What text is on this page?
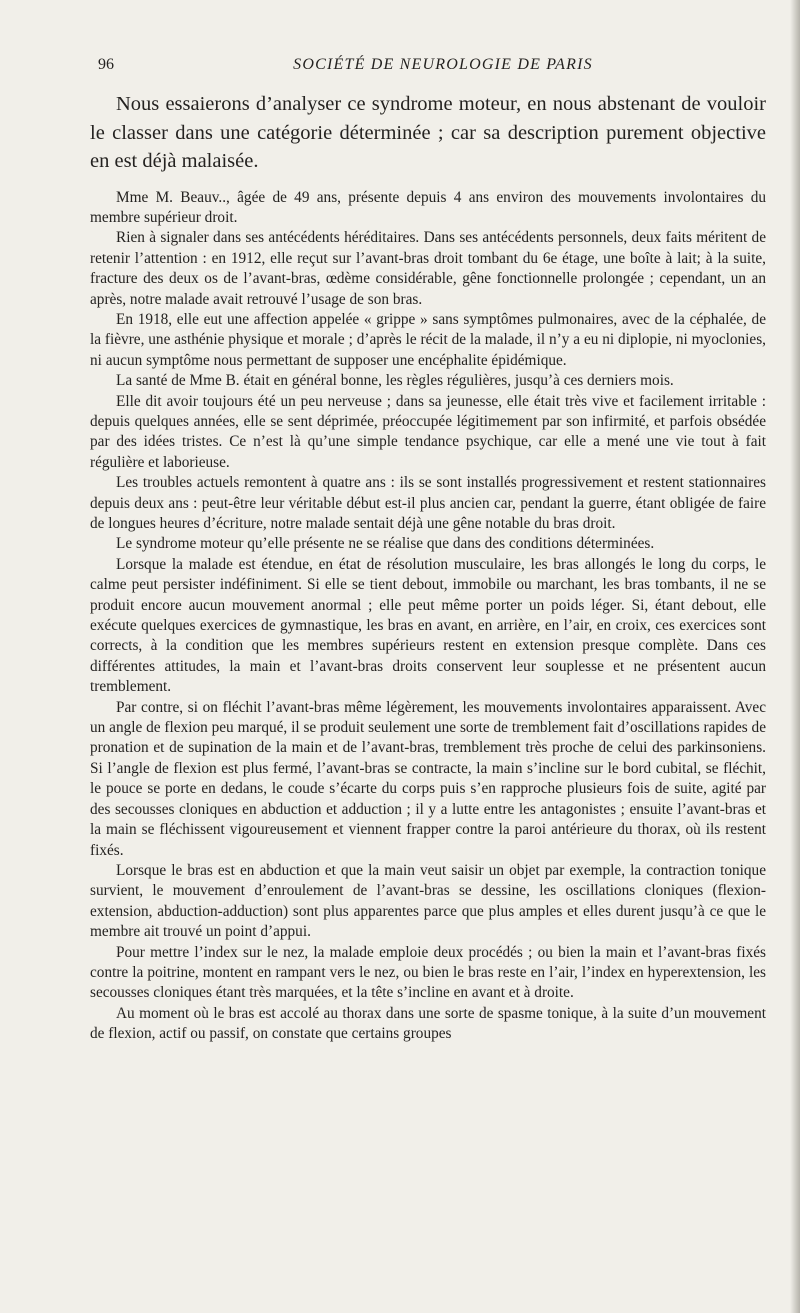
96	SOCIÉTÉ DE NEUROLOGIE DE PARIS

Nous essaierons d’analyser ce syndrome moteur, en nous abstenant de vouloir le classer dans une catégorie déterminée ; car sa description purement objective en est déjà malaisée.

Mme M. Beauv.., âgée de 49 ans, présente depuis 4 ans environ des mouvements involontaires du membre supérieur droit.

Rien à signaler dans ses antécédents héréditaires. Dans ses antécédents personnels, deux faits méritent de retenir l’attention : en 1912, elle reçut sur l’avant-bras droit tombant du 6e étage, une boîte à lait; à la suite, fracture des deux os de l’avant-bras, œdème considérable, gêne fonctionnelle prolongée ; cependant, un an après, notre malade avait retrouvé l’usage de son bras.

En 1918, elle eut une affection appelée « grippe » sans symptômes pulmonaires, avec de la céphalée, de la fièvre, une asthénie physique et morale ; d’après le récit de la malade, il n’y a eu ni diplopie, ni myoclonies, ni aucun symptôme nous permettant de supposer une encéphalite épidémique.

La santé de Mme B. était en général bonne, les règles régulières, jusqu’à ces derniers mois.

Elle dit avoir toujours été un peu nerveuse ; dans sa jeunesse, elle était très vive et facilement irritable : depuis quelques années, elle se sent déprimée, préoccupée légitimement par son infirmité, et parfois obsédée par des idées tristes. Ce n’est là qu’une simple tendance psychique, car elle a mené une vie tout à fait régulière et laborieuse.

Les troubles actuels remontent à quatre ans : ils se sont installés progressivement et restent stationnaires depuis deux ans : peut-être leur véritable début est-il plus ancien car, pendant la guerre, étant obligée de faire de longues heures d’écriture, notre malade sentait déjà une gêne notable du bras droit.

Le syndrome moteur qu’elle présente ne se réalise que dans des conditions déterminées.

Lorsque la malade est étendue, en état de résolution musculaire, les bras allongés le long du corps, le calme peut persister indéfiniment. Si elle se tient debout, immobile ou marchant, les bras tombants, il ne se produit encore aucun mouvement anormal ; elle peut même porter un poids léger. Si, étant debout, elle exécute quelques exercices de gymnastique, les bras en avant, en arrière, en l’air, en croix, ces exercices sont corrects, à la condition que les membres supérieurs restent en extension presque complète. Dans ces différentes attitudes, la main et l’avant-bras droits conservent leur souplesse et ne présentent aucun tremblement.

Par contre, si on fléchit l’avant-bras même légèrement, les mouvements involontaires apparaissent. Avec un angle de flexion peu marqué, il se produit seulement une sorte de tremblement fait d’oscillations rapides de pronation et de supination de la main et de l’avant-bras, tremblement très proche de celui des parkinsoniens. Si l’angle de flexion est plus fermé, l’avant-bras se contracte, la main s’incline sur le bord cubital, se fléchit, le pouce se porte en dedans, le coude s’écarte du corps puis s’en rapproche plusieurs fois de suite, agité par des secousses cloniques en abduction et adduction ; il y a lutte entre les antagonistes ; ensuite l’avant-bras et la main se fléchissent vigoureusement et viennent frapper contre la paroi antérieure du thorax, où ils restent fixés.

Lorsque le bras est en abduction et que la main veut saisir un objet par exemple, la contraction tonique survient, le mouvement d’enroulement de l’avant-bras se dessine, les oscillations cloniques (flexion-extension, abduction-adduction) sont plus apparentes parce que plus amples et elles durent jusqu’à ce que le membre ait trouvé un point d’appui.

Pour mettre l’index sur le nez, la malade emploie deux procédés ; ou bien la main et l’avant-bras fixés contre la poitrine, montent en rampant vers le nez, ou bien le bras reste en l’air, l’index en hyperextension, les secousses cloniques étant très marquées, et la tête s’incline en avant et à droite.

Au moment où le bras est accolé au thorax dans une sorte de spasme tonique, à la suite d’un mouvement de flexion, actif ou passif, on constate que certains groupes
